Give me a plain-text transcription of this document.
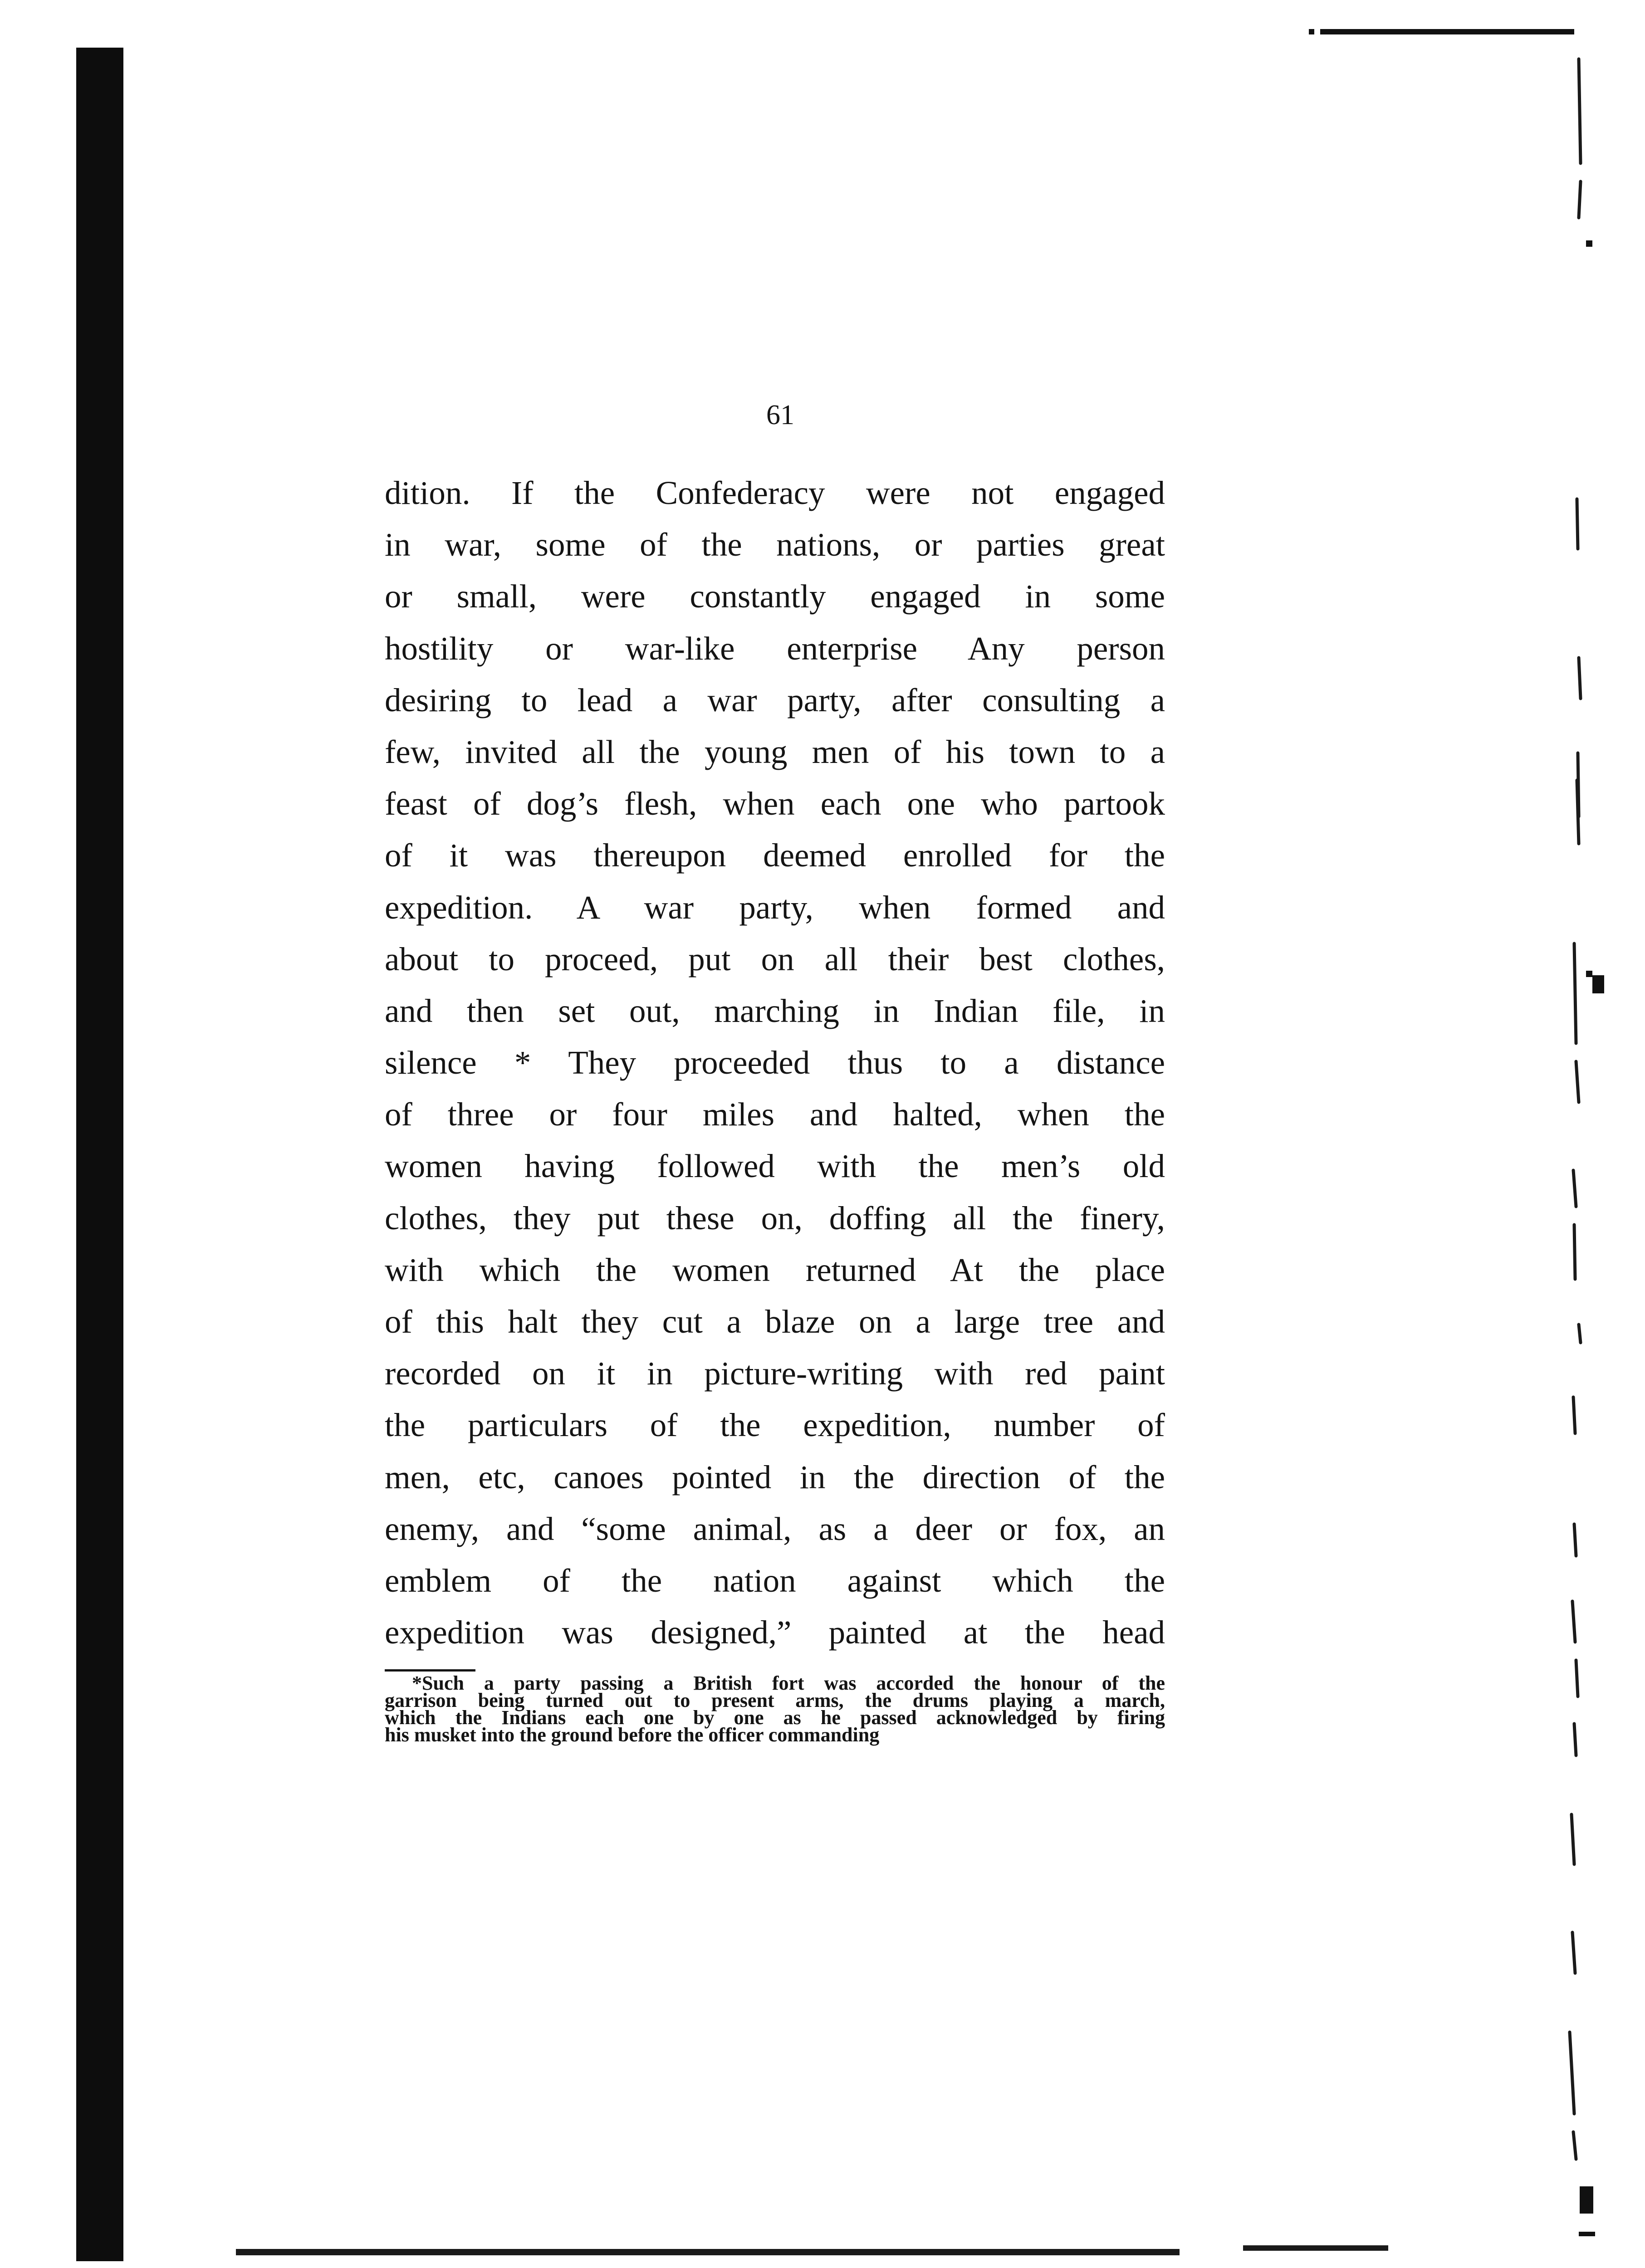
61
dition. If the Confederacy were not engaged
in war, some of the nations, or parties great
or small, were constantly engaged in some
hostility or war-like enterprise Any person
desiring to lead a war party, after consulting a
few, invited all the young men of his town to a
feast of dog’s flesh, when each one who partook
of it was thereupon deemed enrolled for the
expedition. A war party, when formed and
about to proceed, put on all their best clothes,
and then set out, marching in Indian file, in
silence * They proceeded thus to a distance
of three or four miles and halted, when the
women having followed with the men’s old
clothes, they put these on, doffing all the finery,
with which the women returned At the place
of this halt they cut a blaze on a large tree and
recorded on it in picture-writing with red paint
the particulars of the expedition, number of
men, etc, canoes pointed in the direction of the
enemy, and “some animal, as a deer or fox, an
emblem of the nation against which the
expedition was designed,” painted at the head
*Such a party passing a British fort was accorded the honour of the
garrison being turned out to present arms, the drums playing a march,
which the Indians each one by one as he passed acknowledged by firing
his musket into the ground before the officer commanding
